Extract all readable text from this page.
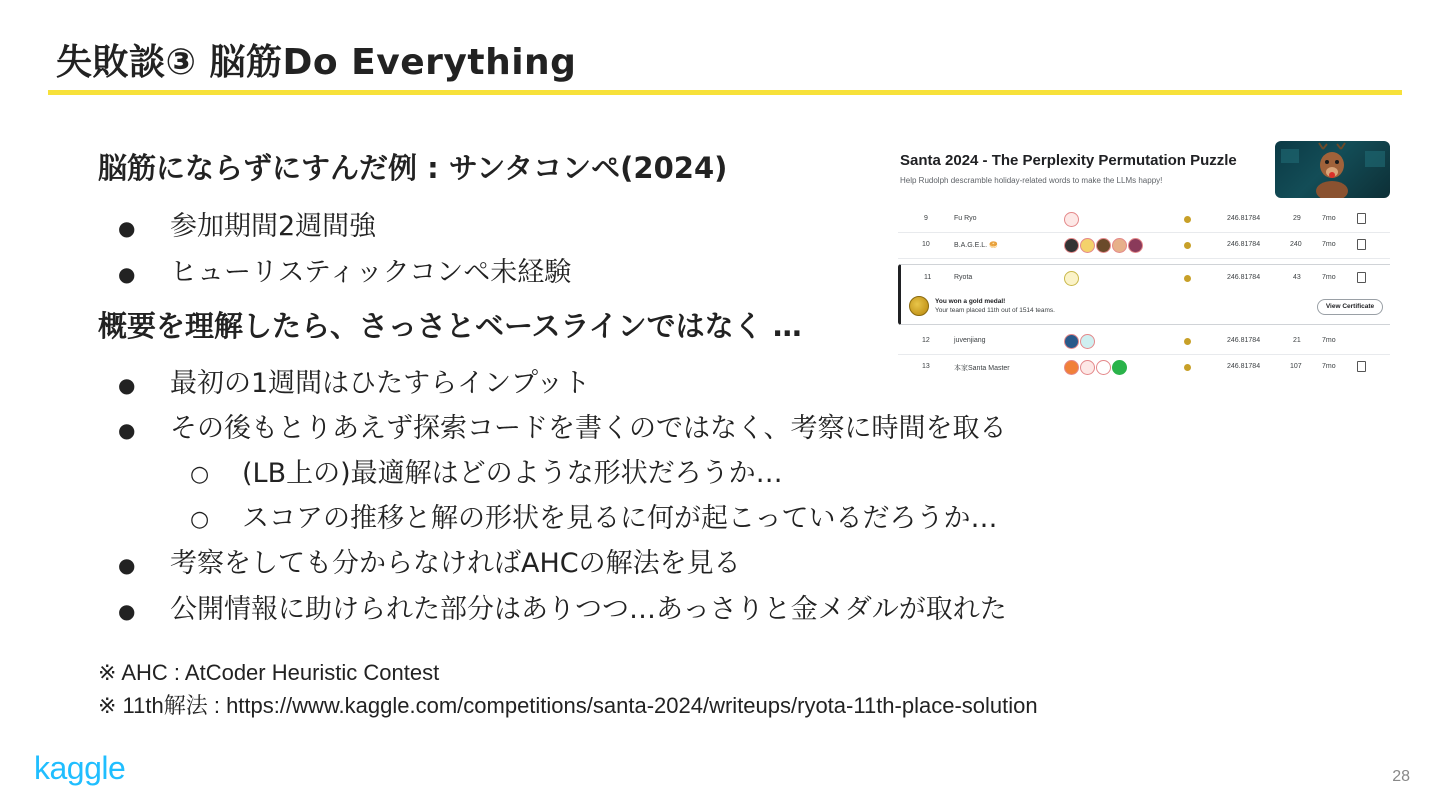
失敗談③ 脳筋Do Everything
脳筋にならずにすんだ例 : サンタコンペ(2024)
● 参加期間2週間強
● ヒューリスティックコンペ未経験
概要を理解したら、さっさとベースラインではなく …
● 最初の1週間はひたすらインプット
● その後もとりあえず探索コードを書くのではなく、考察に時間を取る
○ (LB上の)最適解はどのような形状だろうか…
○ スコアの推移と解の形状を見るに何が起こっているだろうか…
● 考察をしても分からなければAHCの解法を見る
● 公開情報に助けられた部分はありつつ…あっさりと金メダルが取れた
※ AHC : AtCoder Heuristic Contest
※ 11th解法 : https://www.kaggle.com/competitions/santa-2024/writeups/ryota-11th-place-solution
kaggle	28
Santa 2024 - The Perplexity Permutation Puzzle
Help Rudolph descramble holiday-related words to make the LLMs happy!
9	Fu Ryo	246.81784	29	7mo
10	B.A.G.E.L. 🥯	246.81784	240	7mo
11	Ryota	246.81784	43	7mo
You won a gold medal!
Your team placed 11th out of 1514 teams.
View Certificate
12	juvenjiang	246.81784	21	7mo
13	本家Santa Master	246.81784	107	7mo
